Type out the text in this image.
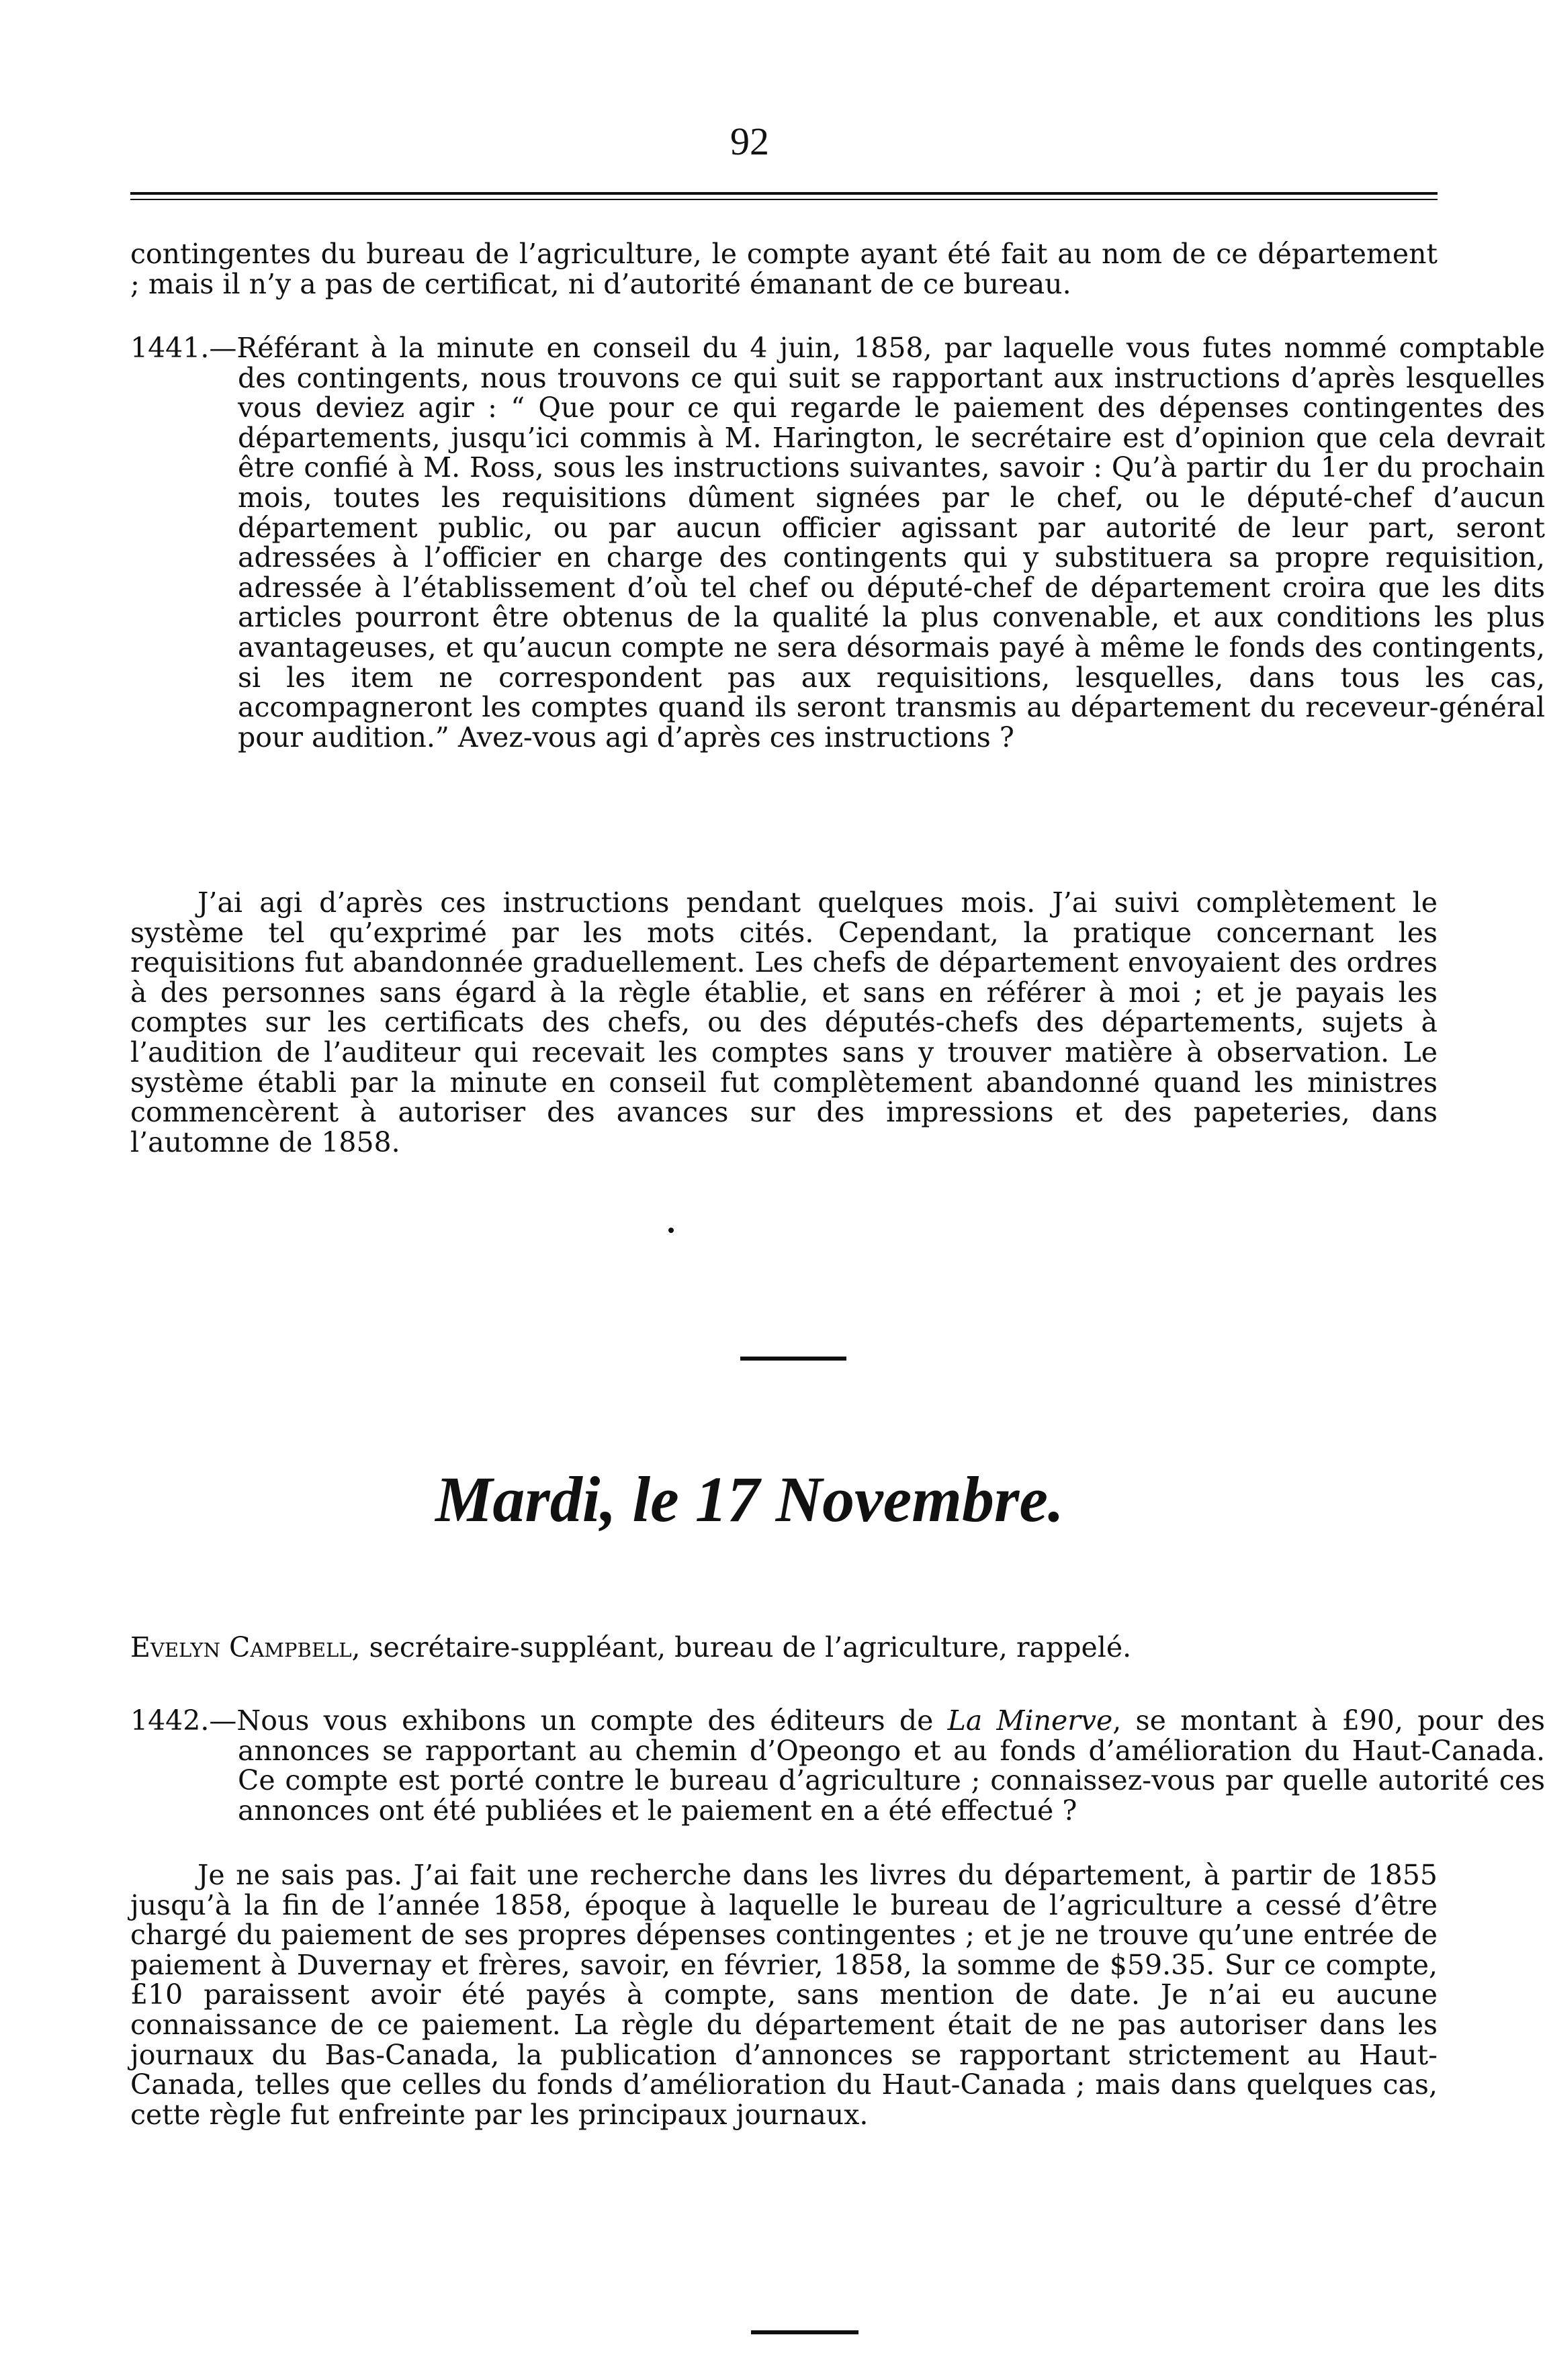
92

contingentes du bureau de l’agriculture, le compte ayant été fait au nom de ce département ; mais il n’y a pas de certificat, ni d’autorité émanant de ce bureau.

1441.—Référant à la minute en conseil du 4 juin, 1858, par laquelle vous futes nommé comptable des contingents, nous trouvons ce qui suit se rapportant aux instructions d’après lesquelles vous deviez agir : “ Que pour ce qui regarde le paiement des dépenses contingentes des départements, jusqu’ici commis à M. Harington, le secrétaire est d’opinion que cela devrait être confié à M. Ross, sous les instructions suivantes, savoir : Qu’à partir du 1er du prochain mois, toutes les requisitions dûment signées par le chef, ou le député-chef d’aucun département public, ou par aucun officier agissant par autorité de leur part, seront adressées à l’officier en charge des contingents qui y substituera sa propre requisition, adressée à l’établissement d’où tel chef ou député-chef de département croira que les dits articles pourront être obtenus de la qualité la plus convenable, et aux conditions les plus avantageuses, et qu’aucun compte ne sera désormais payé à même le fonds des contingents, si les item ne correspondent pas aux requisitions, lesquelles, dans tous les cas, accompagneront les comptes quand ils seront transmis au département du receveur-général pour audition.” Avez-vous agi d’après ces instructions ?

J’ai agi d’après ces instructions pendant quelques mois. J’ai suivi complètement le système tel qu’exprimé par les mots cités. Cependant, la pratique concernant les requisitions fut abandonnée graduellement. Les chefs de département envoyaient des ordres à des personnes sans égard à la règle établie, et sans en référer à moi ; et je payais les comptes sur les certificats des chefs, ou des députés-chefs des départements, sujets à l’audition de l’auditeur qui recevait les comptes sans y trouver matière à observation. Le système établi par la minute en conseil fut complètement abandonné quand les ministres commencèrent à autoriser des avances sur des impressions et des papeteries, dans l’automne de 1858.

Mardi, le 17 Novembre.

Evelyn Campbell, secrétaire-suppléant, bureau de l’agriculture, rappelé.

1442.—Nous vous exhibons un compte des éditeurs de La Minerve, se montant à £90, pour des annonces se rapportant au chemin d’Opeongo et au fonds d’amélioration du Haut-Canada. Ce compte est porté contre le bureau d’agriculture ; connaissez-vous par quelle autorité ces annonces ont été publiées et le paiement en a été effectué ?

Je ne sais pas. J’ai fait une recherche dans les livres du département, à partir de 1855 jusqu’à la fin de l’année 1858, époque à laquelle le bureau de l’agriculture a cessé d’être chargé du paiement de ses propres dépenses contingentes ; et je ne trouve qu’une entrée de paiement à Duvernay et frères, savoir, en février, 1858, la somme de $59.35. Sur ce compte, £10 paraissent avoir été payés à compte, sans mention de date. Je n’ai eu aucune connaissance de ce paiement. La règle du département était de ne pas autoriser dans les journaux du Bas-Canada, la publication d’annonces se rapportant strictement au Haut-Canada, telles que celles du fonds d’amélioration du Haut-Canada ; mais dans quelques cas, cette règle fut enfreinte par les principaux journaux.
